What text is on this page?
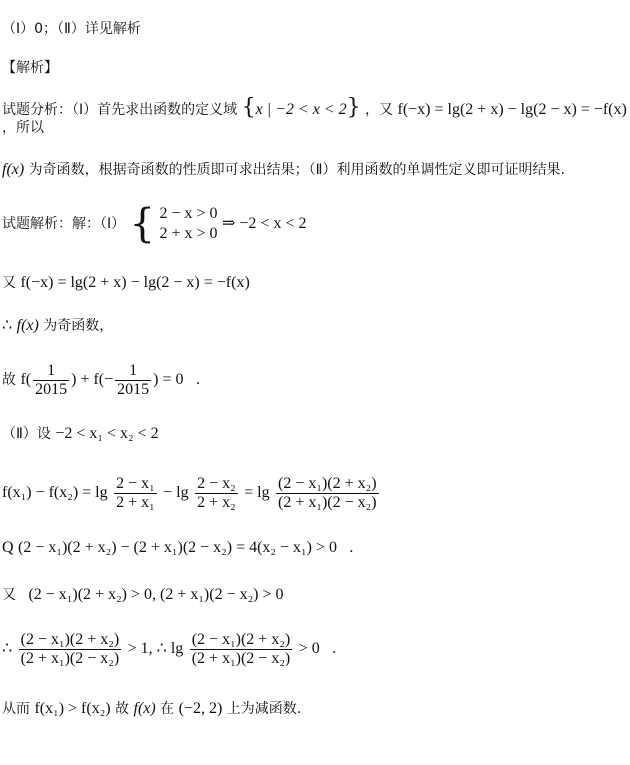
（Ⅰ）0；（Ⅱ）详见解析
【解析】
试题分析：（Ⅰ）首先求出函数的定义域 {x | −2 < x < 2} ，又 f(−x) = lg(2 + x) − lg(2 − x) = −f(x)
，所以
f(x) 为奇函数，根据奇函数的性质即可求出结果；（Ⅱ）利用函数的单调性定义即可证明结果.
试题解析：解：（Ⅰ） { 2 − x > 0
2 + x > 0
⇒ −2 < x < 2
又 f(−x) = lg(2 + x) − lg(2 − x) = −f(x)
∴ f(x) 为奇函数，
故 $f( \frac{1}{2015}$ ) + $f(- \frac{1}{2015}$ ) = 0 .
（Ⅱ）设 −2 < x₁ < x₂ < 2
$f(x_1) - f(x_2) = \lg \frac{\text{2 − x₁}}{\text{2 + x₁}} - \lg \frac{\text{2 − x₂}}{\text{2 + x₂}} = \lg \frac{\text{(2 − x₁)(2 + x₂)}}{\text{(2 + x₁)(2 − x₂)}}$
Q (2 − x₁)(2 + x₂) − (2 + x₁)(2 − x₂) = 4(x₂ − x₁) > 0 .
又 (2 − x₁)(2 + x₂) > 0, (2 + x₁)(2 − x₂) > 0
∴ $\frac{\text{(2 − x₁)(2 + x₂)}}{\text{(2 + x₁)(2 − x₂)}} > 1$, ∴ $\lg \frac{\text{(2 − x₁)(2 + x₂)}}{\text{(2 + x₁)(2 − x₂)}} > 0$ .
从而 f(x₁) > f(x₂) 故 f(x) 在 (−2, 2) 上为减函数.
